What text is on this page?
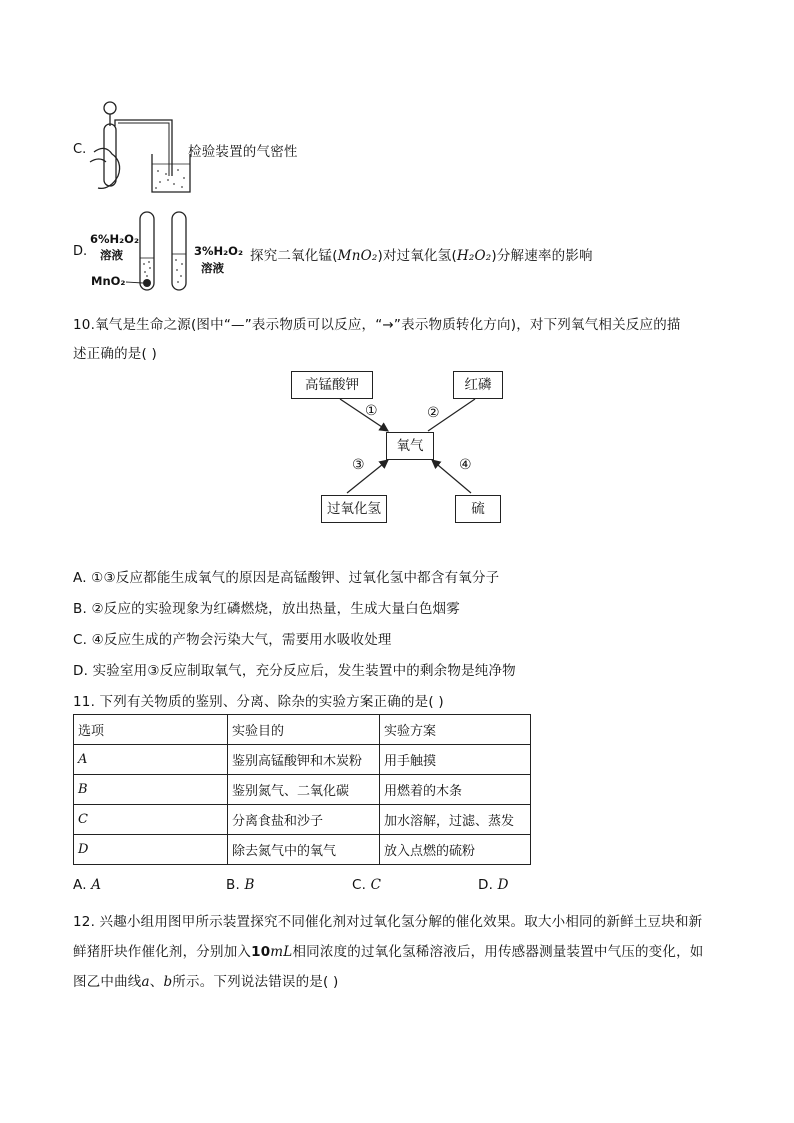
C.	检验装置的气密性
D.
6%H₂O₂
溶液
MnO₂
3%H₂O₂
溶液
探究二氧化锰(MnO₂)对过氧化氢(H₂O₂)分解速率的影响
10.氧气是生命之源(图中“—”表示物质可以反应，“→”表示物质转化方向)，对下列氧气相关反应的描
述正确的是( )
高锰酸钾	红磷
氧气
过氧化氢	硫
①	②
③	④
A. ①③反应都能生成氧气的原因是高锰酸钾、过氧化氢中都含有氧分子
B. ②反应的实验现象为红磷燃烧，放出热量，生成大量白色烟雾
C. ④反应生成的产物会污染大气，需要用水吸收处理
D. 实验室用③反应制取氧气，充分反应后，发生装置中的剩余物是纯净物
11. 下列有关物质的鉴别、分离、除杂的实验方案正确的是( )
选项	实验目的	实验方案
A	鉴别高锰酸钾和木炭粉	用手触摸
B	鉴别氮气、二氧化碳	用燃着的木条
C	分离食盐和沙子	加水溶解，过滤、蒸发
D	除去氮气中的氧气	放入点燃的硫粉
A. A	B. B	C. C	D. D
12. 兴趣小组用图甲所示装置探究不同催化剂对过氧化氢分解的催化效果。取大小相同的新鲜土豆块和新
鲜猪肝块作催化剂，分别加入10mL相同浓度的过氧化氢稀溶液后，用传感器测量装置中气压的变化，如
图乙中曲线a、b所示。下列说法错误的是( )
